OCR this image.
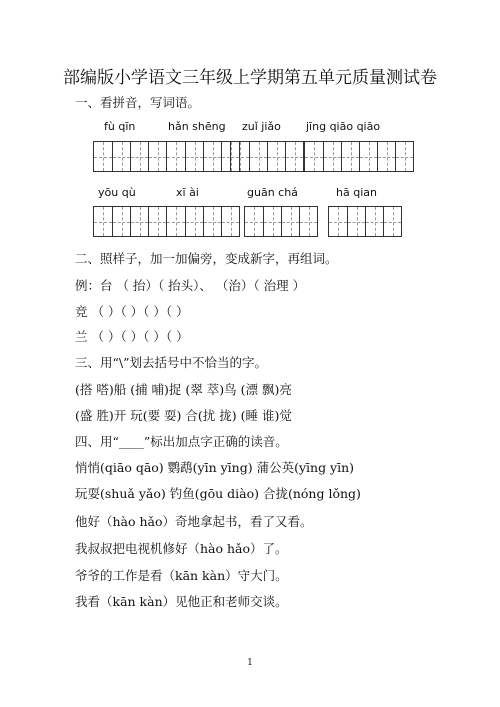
部编版小学语文三年级上学期第五单元质量测试卷
一、看拼音，写词语。
fù qīn	hǎn shēng zuǐ jiǎo jīng qiāo qiāo
yōu qù	xī ài	guān chá	hā qian
二、照样子，加一加偏旁，变成新字，再组词。
例：台 （ 抬）（ 抬头）、 （治）（ 治理 ）
竞 （ ）（ ）（ ）（ ）
兰 （ ）（ ）（ ）（ ）
三、用“\”划去括号中不恰当的字。
(搭 嗒)船 (捕 哺)捉 (翠 萃)鸟 (漂 飘)亮
(盛 胜)开 玩(要 耍) 合(扰 拢) (睡 谁)觉
四、用“____”标出加点字正确的读音。
悄悄(qiāo qāo) 鹦鹉(yīn yīng) 蒲公英(yīng yīn)
玩耍(shuǎ yǎo) 钓鱼(gōu diào) 合拢(nóng lǒng)
他好（hào hǎo）奇地拿起书，看了又看。
我叔叔把电视机修好（hào hǎo）了。
爷爷的工作是看（kān kàn）守大门。
我看（kān kàn）见他正和老师交谈。
1
